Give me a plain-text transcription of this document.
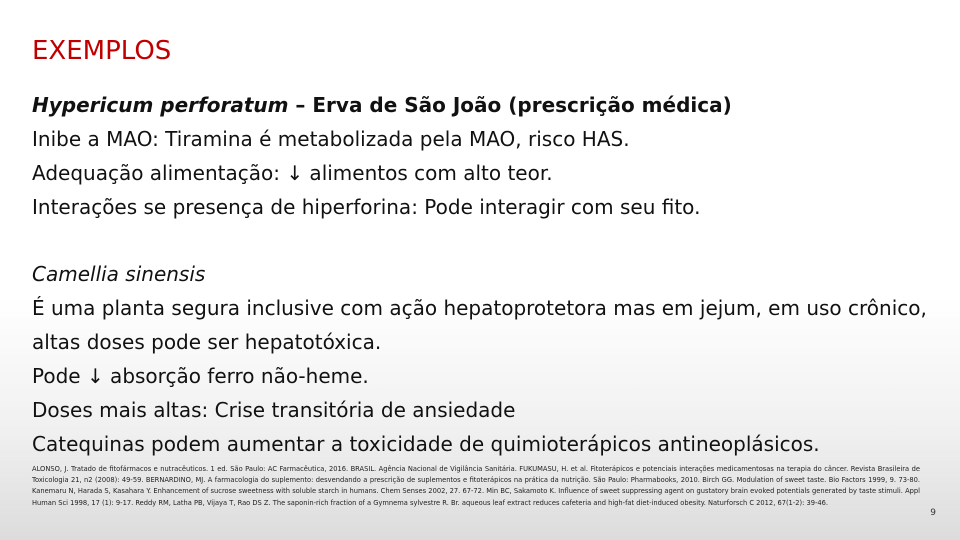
EXEMPLOS
Hypericum perforatum – Erva de São João (prescrição médica)
Inibe a MAO: Tiramina é metabolizada pela MAO, risco HAS.
Adequação alimentação: ↓ alimentos com alto teor.
Interações se presença de hiperforina: Pode interagir com seu fito.
Camellia sinensis
É uma planta segura inclusive com ação hepatoprotetora mas em jejum, em uso crônico, altas doses pode ser hepatotóxica.
Pode ↓ absorção ferro não-heme.
Doses mais altas: Crise transitória de ansiedade
Catequinas podem aumentar a toxicidade de quimioterápicos antineoplásicos.
ALONSO, J. Tratado de fitofármacos e nutracêuticos. 1 ed. São Paulo: AC Farmacêutica, 2016. BRASIL. Agência Nacional de Vigilância Sanitária. FUKUMASU, H. et al. Fitoterápicos e potenciais interações medicamentosas na terapia do câncer. Revista Brasileira de Toxicologia 21, n2 (2008): 49-59. BERNARDINO, MJ. A farmacologia do suplemento: desvendando a prescrição de suplementos e fitoterápicos na prática da nutrição. São Paulo: Pharmabooks, 2010. Birch GG. Modulation of sweet taste. Bio Factors 1999, 9. 73-80. Kanemaru N, Harada S, Kasahara Y. Enhancement of sucrose sweetness with soluble starch in humans. Chem Senses 2002, 27. 67-72. Min BC, Sakamoto K. Influence of sweet suppressing agent on gustatory brain evoked potentials generated by taste stimuli. Appl Human Sci 1998, 17 (1): 9-17. Reddy RM, Latha PB, Vijaya T, Rao DS Z. The saponin-rich fraction of a Gymnema sylvestre R. Br. aqueous leaf extract reduces cafeteria and high-fat diet-induced obesity. Naturforsch C 2012, 67(1-2): 39-46.
9
